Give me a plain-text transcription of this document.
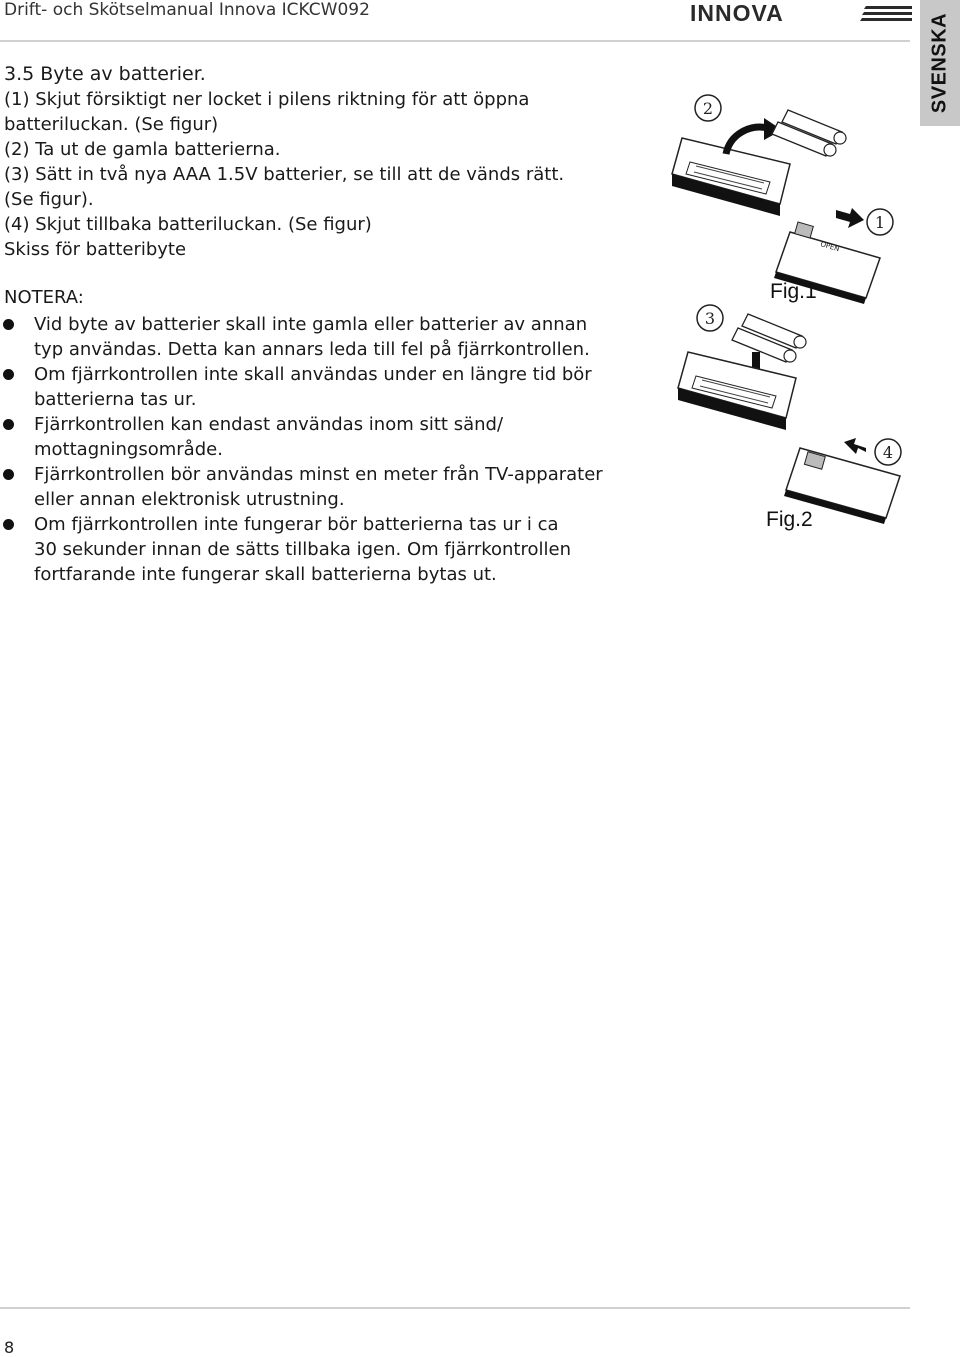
Drift- och Skötselmanual Innova ICKCW092	INNOVA	SVENSKA
3.5 Byte av batterier.
(1) Skjut försiktigt ner locket i pilens riktning för att öppna
batteriluckan. (Se figur)
(2) Ta ut de gamla batterierna.
(3) Sätt in två nya AAA 1.5V batterier, se till att de vänds rätt.
(Se figur).
(4) Skjut tillbaka batteriluckan. (Se figur)
Skiss för batteribyte
NOTERA:
Vid byte av batterier skall inte gamla eller batterier av annan
typ användas. Detta kan annars leda till fel på fjärrkontrollen.
Om fjärrkontrollen inte skall användas under en längre tid bör
batterierna tas ur.
Fjärrkontrollen kan endast användas inom sitt sänd/
mottagningsområde.
Fjärrkontrollen bör användas minst en meter från TV-apparater
eller annan elektronisk utrustning.
Om fjärrkontrollen inte fungerar bör batterierna tas ur i ca
30 sekunder innan de sätts tillbaka igen. Om fjärrkontrollen
fortfarande inte fungerar skall batterierna bytas ut.
2
1
OPEN
Fig.1
3
4
Fig.2
8
